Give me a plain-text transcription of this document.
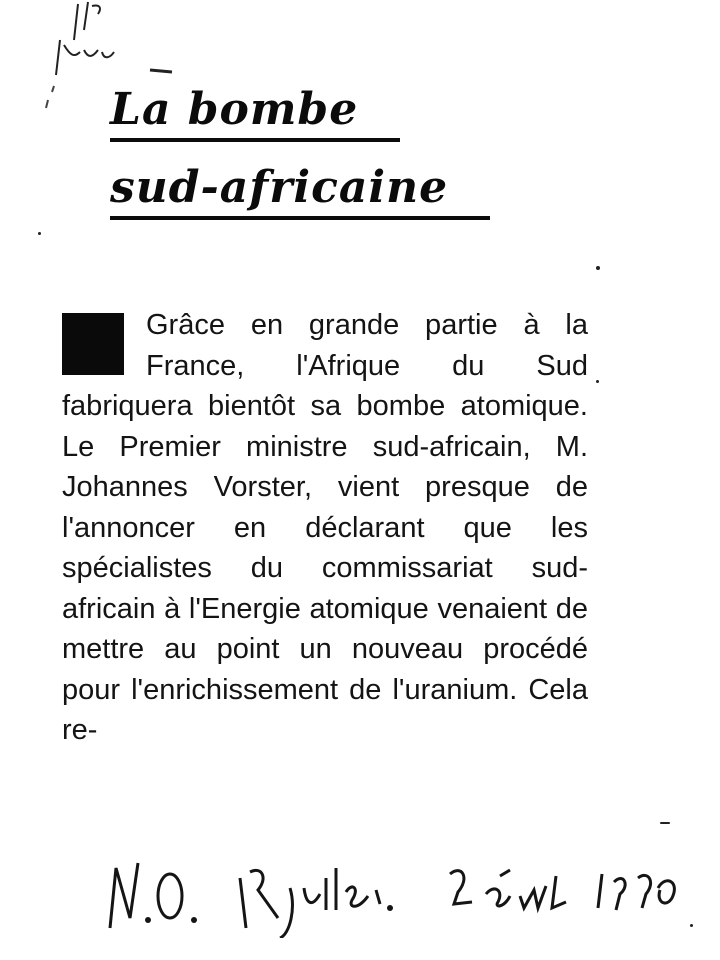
Blu —
La bombe
sud-africaine

Grâce en grande partie à la France, l'Afrique du Sud fabriquera bientôt sa bombe atomique. Le Premier ministre sud-africain, M. Johannes Vorster, vient presque de l'annoncer en déclarant que les spécialistes du commissariat sud-africain à l'Energie atomique venaient de mettre au point un nouveau procédé pour l'enrichissement de l'uranium. Cela re-

N.O. 27 juillet. 2 août 1970
